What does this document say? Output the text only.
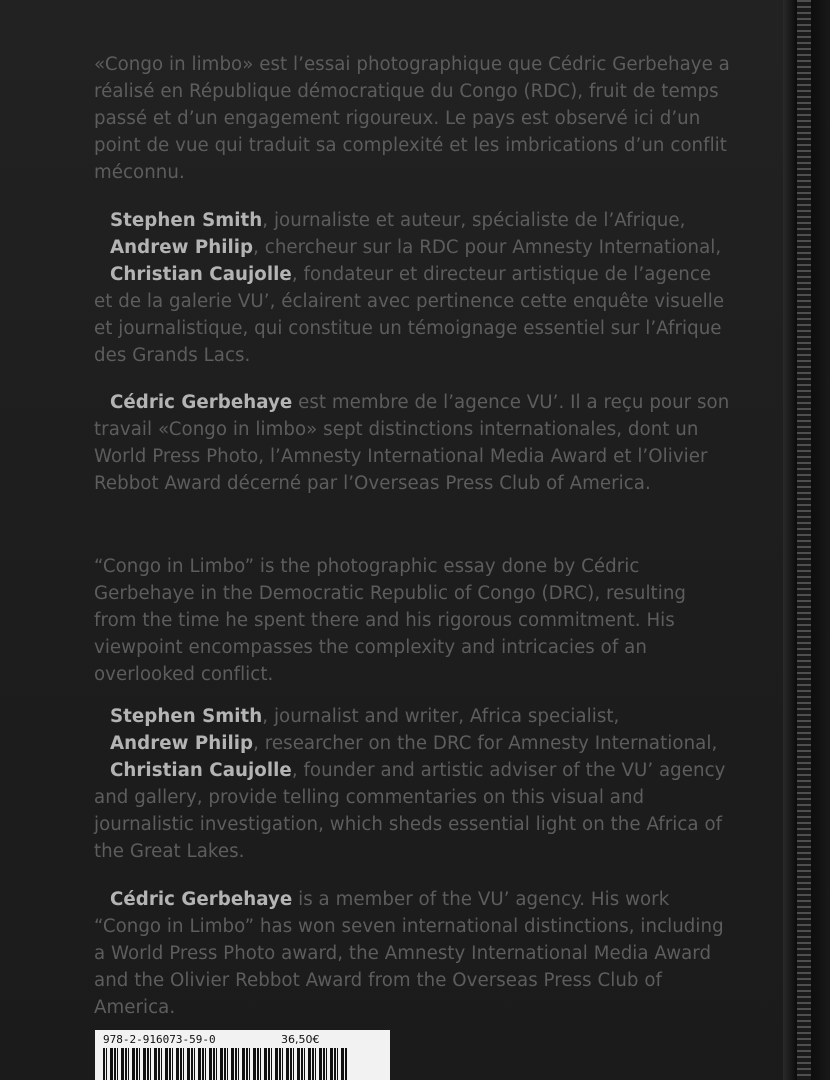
«Congo in limbo» est l’essai photographique que Cédric Gerbehaye a réalisé en République démocratique du Congo (RDC), fruit de temps passé et d’un engagement rigoureux. Le pays est observé ici d’un point de vue qui traduit sa complexité et les imbrications d’un conflit méconnu.

Stephen Smith, journaliste et auteur, spécialiste de l’Afrique,
Andrew Philip, chercheur sur la RDC pour Amnesty International,
Christian Caujolle, fondateur et directeur artistique de l’agence et de la galerie VU’, éclairent avec pertinence cette enquête visuelle et journalistique, qui constitue un témoignage essentiel sur l’Afrique des Grands Lacs.

Cédric Gerbehaye est membre de l’agence VU’. Il a reçu pour son travail «Congo in limbo» sept distinctions internationales, dont un World Press Photo, l’Amnesty International Media Award et l’Olivier Rebbot Award décerné par l’Overseas Press Club of America.

“Congo in Limbo” is the photographic essay done by Cédric Gerbehaye in the Democratic Republic of Congo (DRC), resulting from the time he spent there and his rigorous commitment. His viewpoint encompasses the complexity and intricacies of an overlooked conflict.

Stephen Smith, journalist and writer, Africa specialist,
Andrew Philip, researcher on the DRC for Amnesty International,
Christian Caujolle, founder and artistic adviser of the VU’ agency and gallery, provide telling commentaries on this visual and journalistic investigation, which sheds essential light on the Africa of the Great Lakes.

Cédric Gerbehaye is a member of the VU’ agency. His work “Congo in Limbo” has won seven international distinctions, including a World Press Photo award, the Amnesty International Media Award and the Olivier Rebbot Award from the Overseas Press Club of America.

978-2-916073-59-0	36,50€
